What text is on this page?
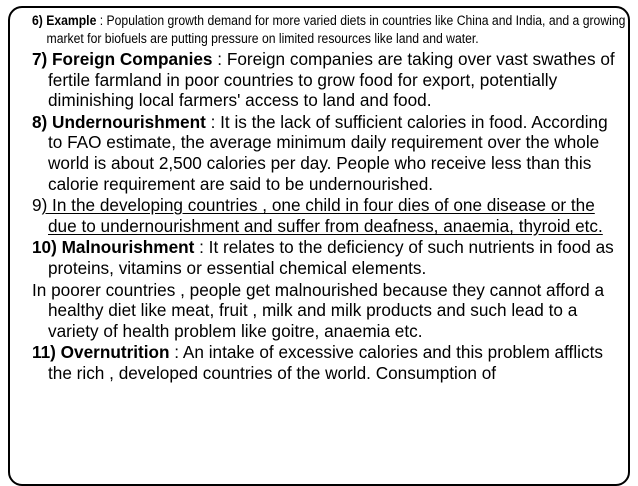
6) Example : Population growth demand for more varied diets in countries like China and India, and a growing market for biofuels are putting pressure on limited resources like land and water.
7) Foreign Companies : Foreign companies are taking over vast swathes of fertile farmland in poor countries to grow food for export, potentially diminishing local farmers' access to land and food.
8) Undernourishment : It is the lack of sufficient calories in food. According to FAO estimate, the average minimum daily requirement over the whole world is about 2,500 calories per day. People who receive less than this calorie requirement are said to be undernourished.
9) In the developing countries , one child in four dies of one disease or the due to undernourishment and suffer from deafness, anaemia, thyroid etc.
10) Malnourishment : It relates to the deficiency of such nutrients in food as proteins, vitamins or essential chemical elements.
In poorer countries , people get malnourished because they cannot afford a healthy diet like meat, fruit , milk and milk products and such lead to a variety of health problem like goitre, anaemia etc.
11) Overnutrition : An intake of excessive calories and this problem afflicts the rich , developed countries of the world. Consumption of
